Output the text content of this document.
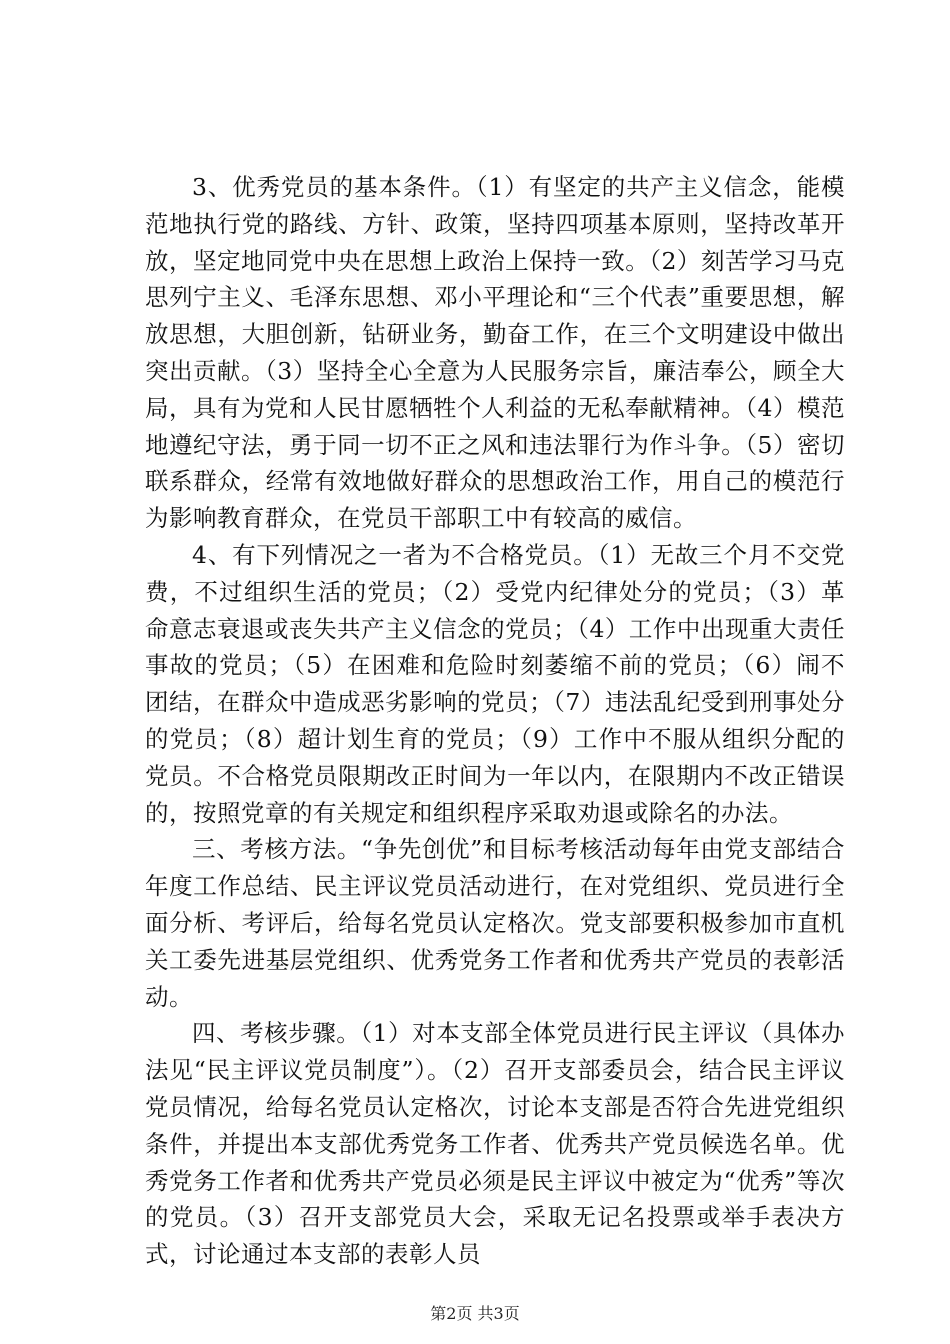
3、优秀党员的基本条件。（1）有坚定的共产主义信念，能模范地执行党的路线、方针、政策，坚持四项基本原则，坚持改革开放，坚定地同党中央在思想上政治上保持一致。（2）刻苦学习马克思列宁主义、毛泽东思想、邓小平理论和“三个代表”重要思想，解放思想，大胆创新，钻研业务，勤奋工作，在三个文明建设中做出突出贡献。（3）坚持全心全意为人民服务宗旨，廉洁奉公，顾全大局，具有为党和人民甘愿牺牲个人利益的无私奉献精神。（4）模范地遵纪守法，勇于同一切不正之风和违法罪行为作斗争。（5）密切联系群众，经常有效地做好群众的思想政治工作，用自己的模范行为影响教育群众，在党员干部职工中有较高的威信。

4、有下列情况之一者为不合格党员。（1）无故三个月不交党费，不过组织生活的党员；（2）受党内纪律处分的党员；（3）革命意志衰退或丧失共产主义信念的党员；（4）工作中出现重大责任事故的党员；（5）在困难和危险时刻萎缩不前的党员；（6）闹不团结，在群众中造成恶劣影响的党员；（7）违法乱纪受到刑事处分的党员；（8）超计划生育的党员；（9）工作中不服从组织分配的党员。不合格党员限期改正时间为一年以内，在限期内不改正错误的，按照党章的有关规定和组织程序采取劝退或除名的办法。

三、考核方法。“争先创优”和目标考核活动每年由党支部结合年度工作总结、民主评议党员活动进行，在对党组织、党员进行全面分析、考评后，给每名党员认定格次。党支部要积极参加市直机关工委先进基层党组织、优秀党务工作者和优秀共产党员的表彰活动。

四、考核步骤。（1）对本支部全体党员进行民主评议（具体办法见“民主评议党员制度”）。（2）召开支部委员会，结合民主评议党员情况，给每名党员认定格次，讨论本支部是否符合先进党组织条件，并提出本支部优秀党务工作者、优秀共产党员候选名单。优秀党务工作者和优秀共产党员必须是民主评议中被定为“优秀”等次的党员。（3）召开支部党员大会，采取无记名投票或举手表决方式，讨论通过本支部的表彰人员

第2页 共3页
